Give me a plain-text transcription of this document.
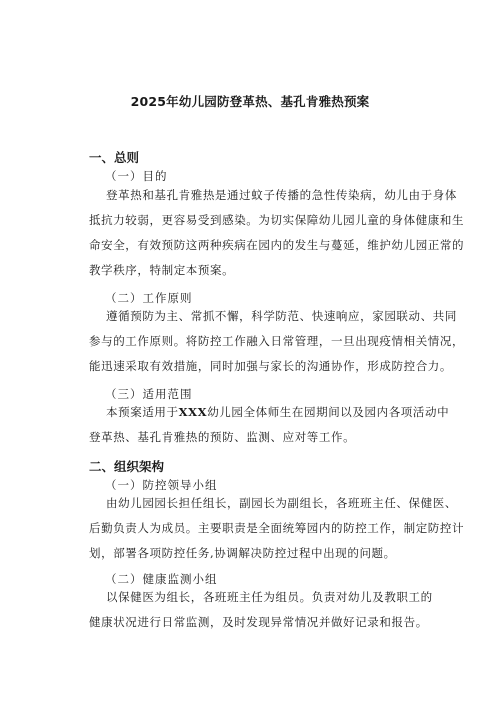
2025年幼儿园防登革热、基孔肯雅热预案
一、总则
（一）目的
登革热和基孔肯雅热是通过蚊子传播的急性传染病，幼儿由于身体
抵抗力较弱，更容易受到感染。为切实保障幼儿园儿童的身体健康和生
命安全，有效预防这两种疾病在园内的发生与蔓延，维护幼儿园正常的
教学秩序，特制定本预案。
（二）工作原则
遵循预防为主、常抓不懈，科学防范、快速响应，家园联动、共同
参与的工作原则。将防控工作融入日常管理，一旦出现疫情相关情况，
能迅速采取有效措施，同时加强与家长的沟通协作，形成防控合力。
（三）适用范围
本预案适用于XXX幼儿园全体师生在园期间以及园内各项活动中
登革热、基孔肯雅热的预防、监测、应对等工作。
二、组织架构
（一）防控领导小组
由幼儿园园长担任组长，副园长为副组长，各班班主任、保健医、
后勤负责人为成员。主要职责是全面统筹园内的防控工作，制定防控计
划，部署各项防控任务,协调解决防控过程中出现的问题。
（二）健康监测小组
以保健医为组长，各班班主任为组员。负责对幼儿及教职工的
健康状况进行日常监测，及时发现异常情况并做好记录和报告。
